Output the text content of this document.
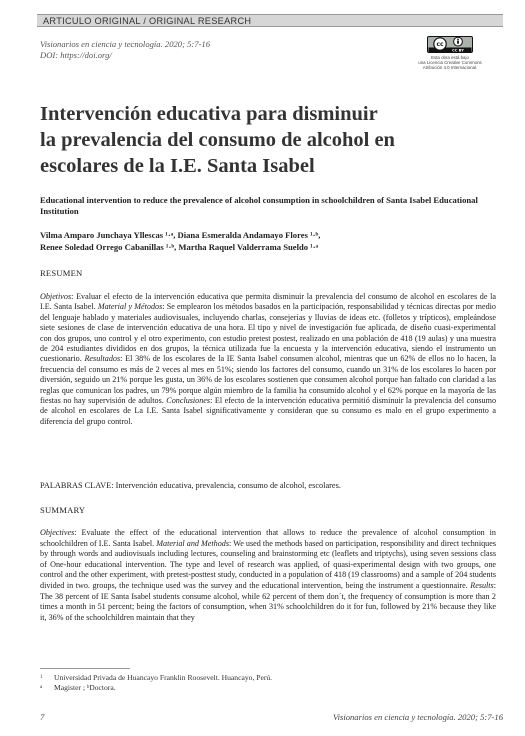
ARTICULO ORIGINAL / ORIGINAL RESEARCH
Visionarios en ciencia y tecnología. 2020; 5:7-16
DOI: https://doi.org/
cc
CC BY
Esta obra está bajo
una Licencia Creative Commons
Atribución 4.0 Internacional.
Intervención educativa para disminuir
la prevalencia del consumo de alcohol en
escolares de la I.E. Santa Isabel
Educational intervention to reduce the prevalence of alcohol consumption in schoolchildren of Santa Isabel Educational Institution
Vilma Amparo Junchaya Yllescas ¹·ᵃ, Diana Esmeralda Andamayo Flores ¹·ᵇ,
Renee Soledad Orrego Cabanillas ¹·ᵇ, Martha Raquel Valderrama Sueldo ¹·ᵃ
RESUMEN

Objetivos: Evaluar el efecto de la intervención educativa que permita disminuir la prevalencia del consumo de alcohol en escolares de la I.E. Santa Isabel. Material y Métodos: Se emplearon los métodos basados en la participación, responsabilidad y técnicas directas por medio del lenguaje hablado y materiales audiovisuales, incluyendo charlas, consejerías y lluvias de ideas etc. (folletos y trípticos), empleándose siete sesiones de clase de intervención educativa de una hora. El tipo y nivel de investigación fue aplicada, de diseño cuasi-experimental con dos grupos, uno control y el otro experimento, con estudio pretest postest, realizado en una población de 418 (19 aulas) y una muestra de 204 estudiantes divididos en dos grupos, la técnica utilizada fue la encuesta y la intervención educativa, siendo el instrumento un cuestionario. Resultados: El 38% de los escolares de la IE Santa Isabel consumen alcohol, mientras que un 62% de ellos no lo hacen, la frecuencia del consumo es más de 2 veces al mes en 51%; siendo los factores del consumo, cuando un 31% de los escolares lo hacen por diversión, seguido un 21% porque les gusta, un 36% de los escolares sostienen que consumen alcohol porque han faltado con claridad a las reglas que comunican los padres, un 79% porque algún miembro de la familia ha consumido alcohol y el 62% porque en la mayoría de las fiestas no hay supervisión de adultos. Conclusiones: El efecto de la intervención educativa permitió disminuir la prevalencia del consumo de alcohol en escolares de La I.E. Santa Isabel significativamente y consideran que su consumo es malo en el grupo experimento a diferencia del grupo control.

PALABRAS CLAVE: Intervención educativa, prevalencia, consumo de alcohol, escolares.
SUMMARY

Objectives: Evaluate the effect of the educational intervention that allows to reduce the prevalence of alcohol consumption in schoolchildren of I.E. Santa Isabel. Material and Methods: We used the methods based on participation, responsibility and direct techniques by through words and audiovisuals including lectures, counseling and brainstorming etc (leaflets and triptychs), using seven sessions class of One-hour educational intervention. The type and level of research was applied, of quasi-experimental design with two groups, one control and the other experiment, with pretest-posttest study, conducted in a population of 418 (19 classrooms) and a sample of 204 students divided in two. groups, the technique used was the survey and the educational intervention, being the instrument a questionnaire. Results: The 38 percent of IE Santa Isabel students consume alcohol, while 62 percent of them don´t, the frequency of consumption is more than 2 times a month in 51 percent; being the factors of consumption, when 31% schoolchildren do it for fun, followed by 21% because they like it, 36% of the schoolchildren maintain that they

$^1$ Universidad Privada de Huancayo Franklin Roosevelt. Huancayo, Perú.
$^a$ Magister ; ᵇDoctora.
7	Visionarios en ciencia y tecnología. 2020; 5:7-16
